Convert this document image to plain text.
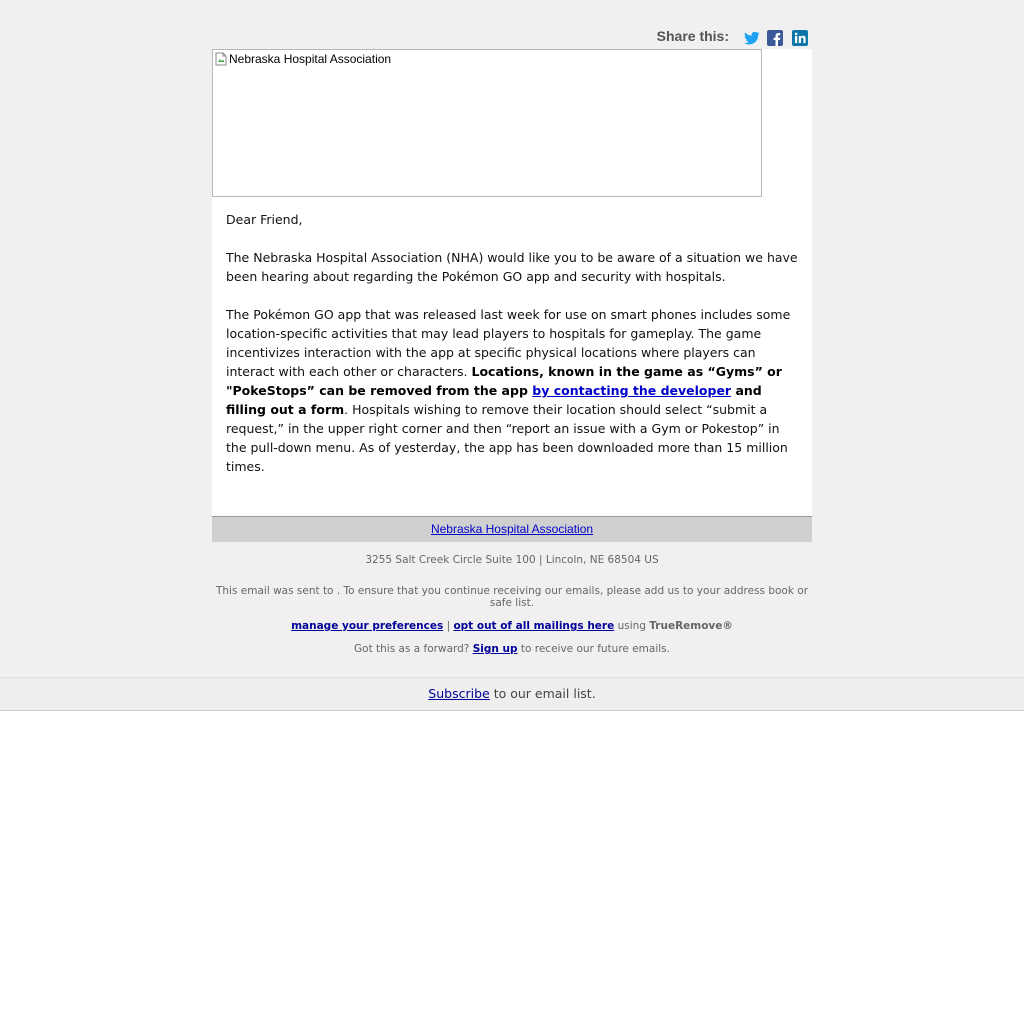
Share this:
Nebraska Hospital Association

Dear Friend,

The Nebraska Hospital Association (NHA) would like you to be aware of a situation we have been hearing about regarding the Pokémon GO app and security with hospitals.

The Pokémon GO app that was released last week for use on smart phones includes some location-specific activities that may lead players to hospitals for gameplay. The game incentivizes interaction with the app at specific physical locations where players can interact with each other or characters. Locations, known in the game as “Gyms” or "PokeStops” can be removed from the app by contacting the developer and filling out a form. Hospitals wishing to remove their location should select “submit a request,” in the upper right corner and then “report an issue with a Gym or Pokestop” in the pull-down menu. As of yesterday, the app has been downloaded more than 15 million times.

Nebraska Hospital Association
3255 Salt Creek Circle Suite 100 | Lincoln, NE 68504 US
This email was sent to . To ensure that you continue receiving our emails, please add us to your address book or safe list.
manage your preferences | opt out of all mailings here using TrueRemove®
Got this as a forward? Sign up to receive our future emails.
Subscribe to our email list.
